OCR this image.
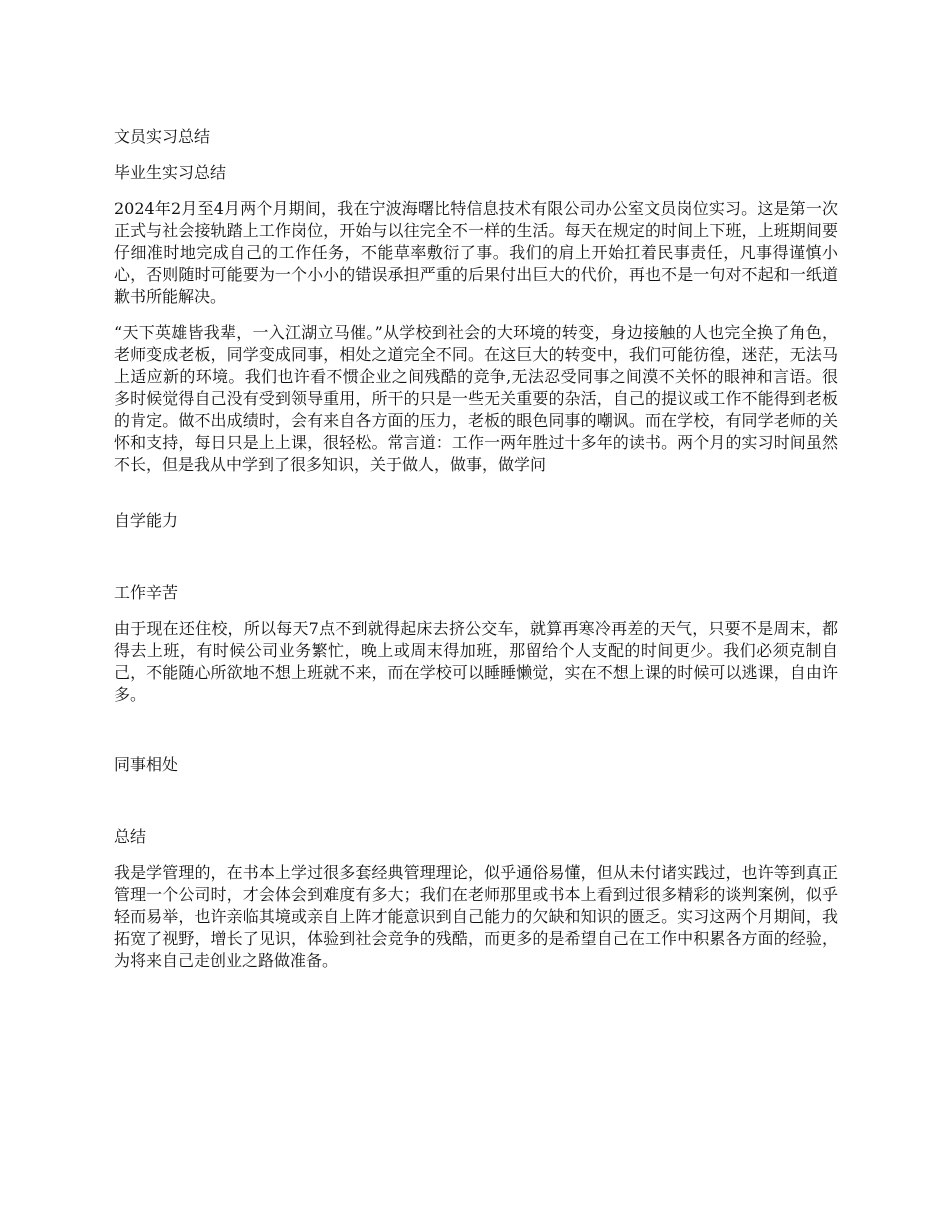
文员实习总结

毕业生实习总结

2024年2月至4月两个月期间，我在宁波海曙比特信息技术有限公司办公室文员岗位实习。这是第一次正式与社会接轨踏上工作岗位，开始与以往完全不一样的生活。每天在规定的时间上下班，上班期间要仔细准时地完成自己的工作任务，不能草率敷衍了事。我们的肩上开始扛着民事责任，凡事得谨慎小心，否则随时可能要为一个小小的错误承担严重的后果付出巨大的代价，再也不是一句对不起和一纸道歉书所能解决。

“天下英雄皆我辈，一入江湖立马催。”从学校到社会的大环境的转变，身边接触的人也完全换了角色，老师变成老板，同学变成同事，相处之道完全不同。在这巨大的转变中，我们可能彷徨，迷茫，无法马上适应新的环境。我们也许看不惯企业之间残酷的竞争,无法忍受同事之间漠不关怀的眼神和言语。很多时候觉得自己没有受到领导重用，所干的只是一些无关重要的杂活，自己的提议或工作不能得到老板的肯定。做不出成绩时，会有来自各方面的压力，老板的眼色同事的嘲讽。而在学校，有同学老师的关怀和支持，每日只是上上课，很轻松。常言道：工作一两年胜过十多年的读书。两个月的实习时间虽然不长，但是我从中学到了很多知识，关于做人，做事，做学问

自学能力

工作辛苦

由于现在还住校，所以每天7点不到就得起床去挤公交车，就算再寒冷再差的天气，只要不是周末，都得去上班，有时候公司业务繁忙，晚上或周末得加班，那留给个人支配的时间更少。我们必须克制自己，不能随心所欲地不想上班就不来，而在学校可以睡睡懒觉，实在不想上课的时候可以逃课，自由许多。

同事相处

总结

我是学管理的，在书本上学过很多套经典管理理论，似乎通俗易懂，但从未付诸实践过，也许等到真正管理一个公司时，才会体会到难度有多大；我们在老师那里或书本上看到过很多精彩的谈判案例，似乎轻而易举，也许亲临其境或亲自上阵才能意识到自己能力的欠缺和知识的匮乏。实习这两个月期间，我拓宽了视野，增长了见识，体验到社会竞争的残酷，而更多的是希望自己在工作中积累各方面的经验，为将来自己走创业之路做准备。
